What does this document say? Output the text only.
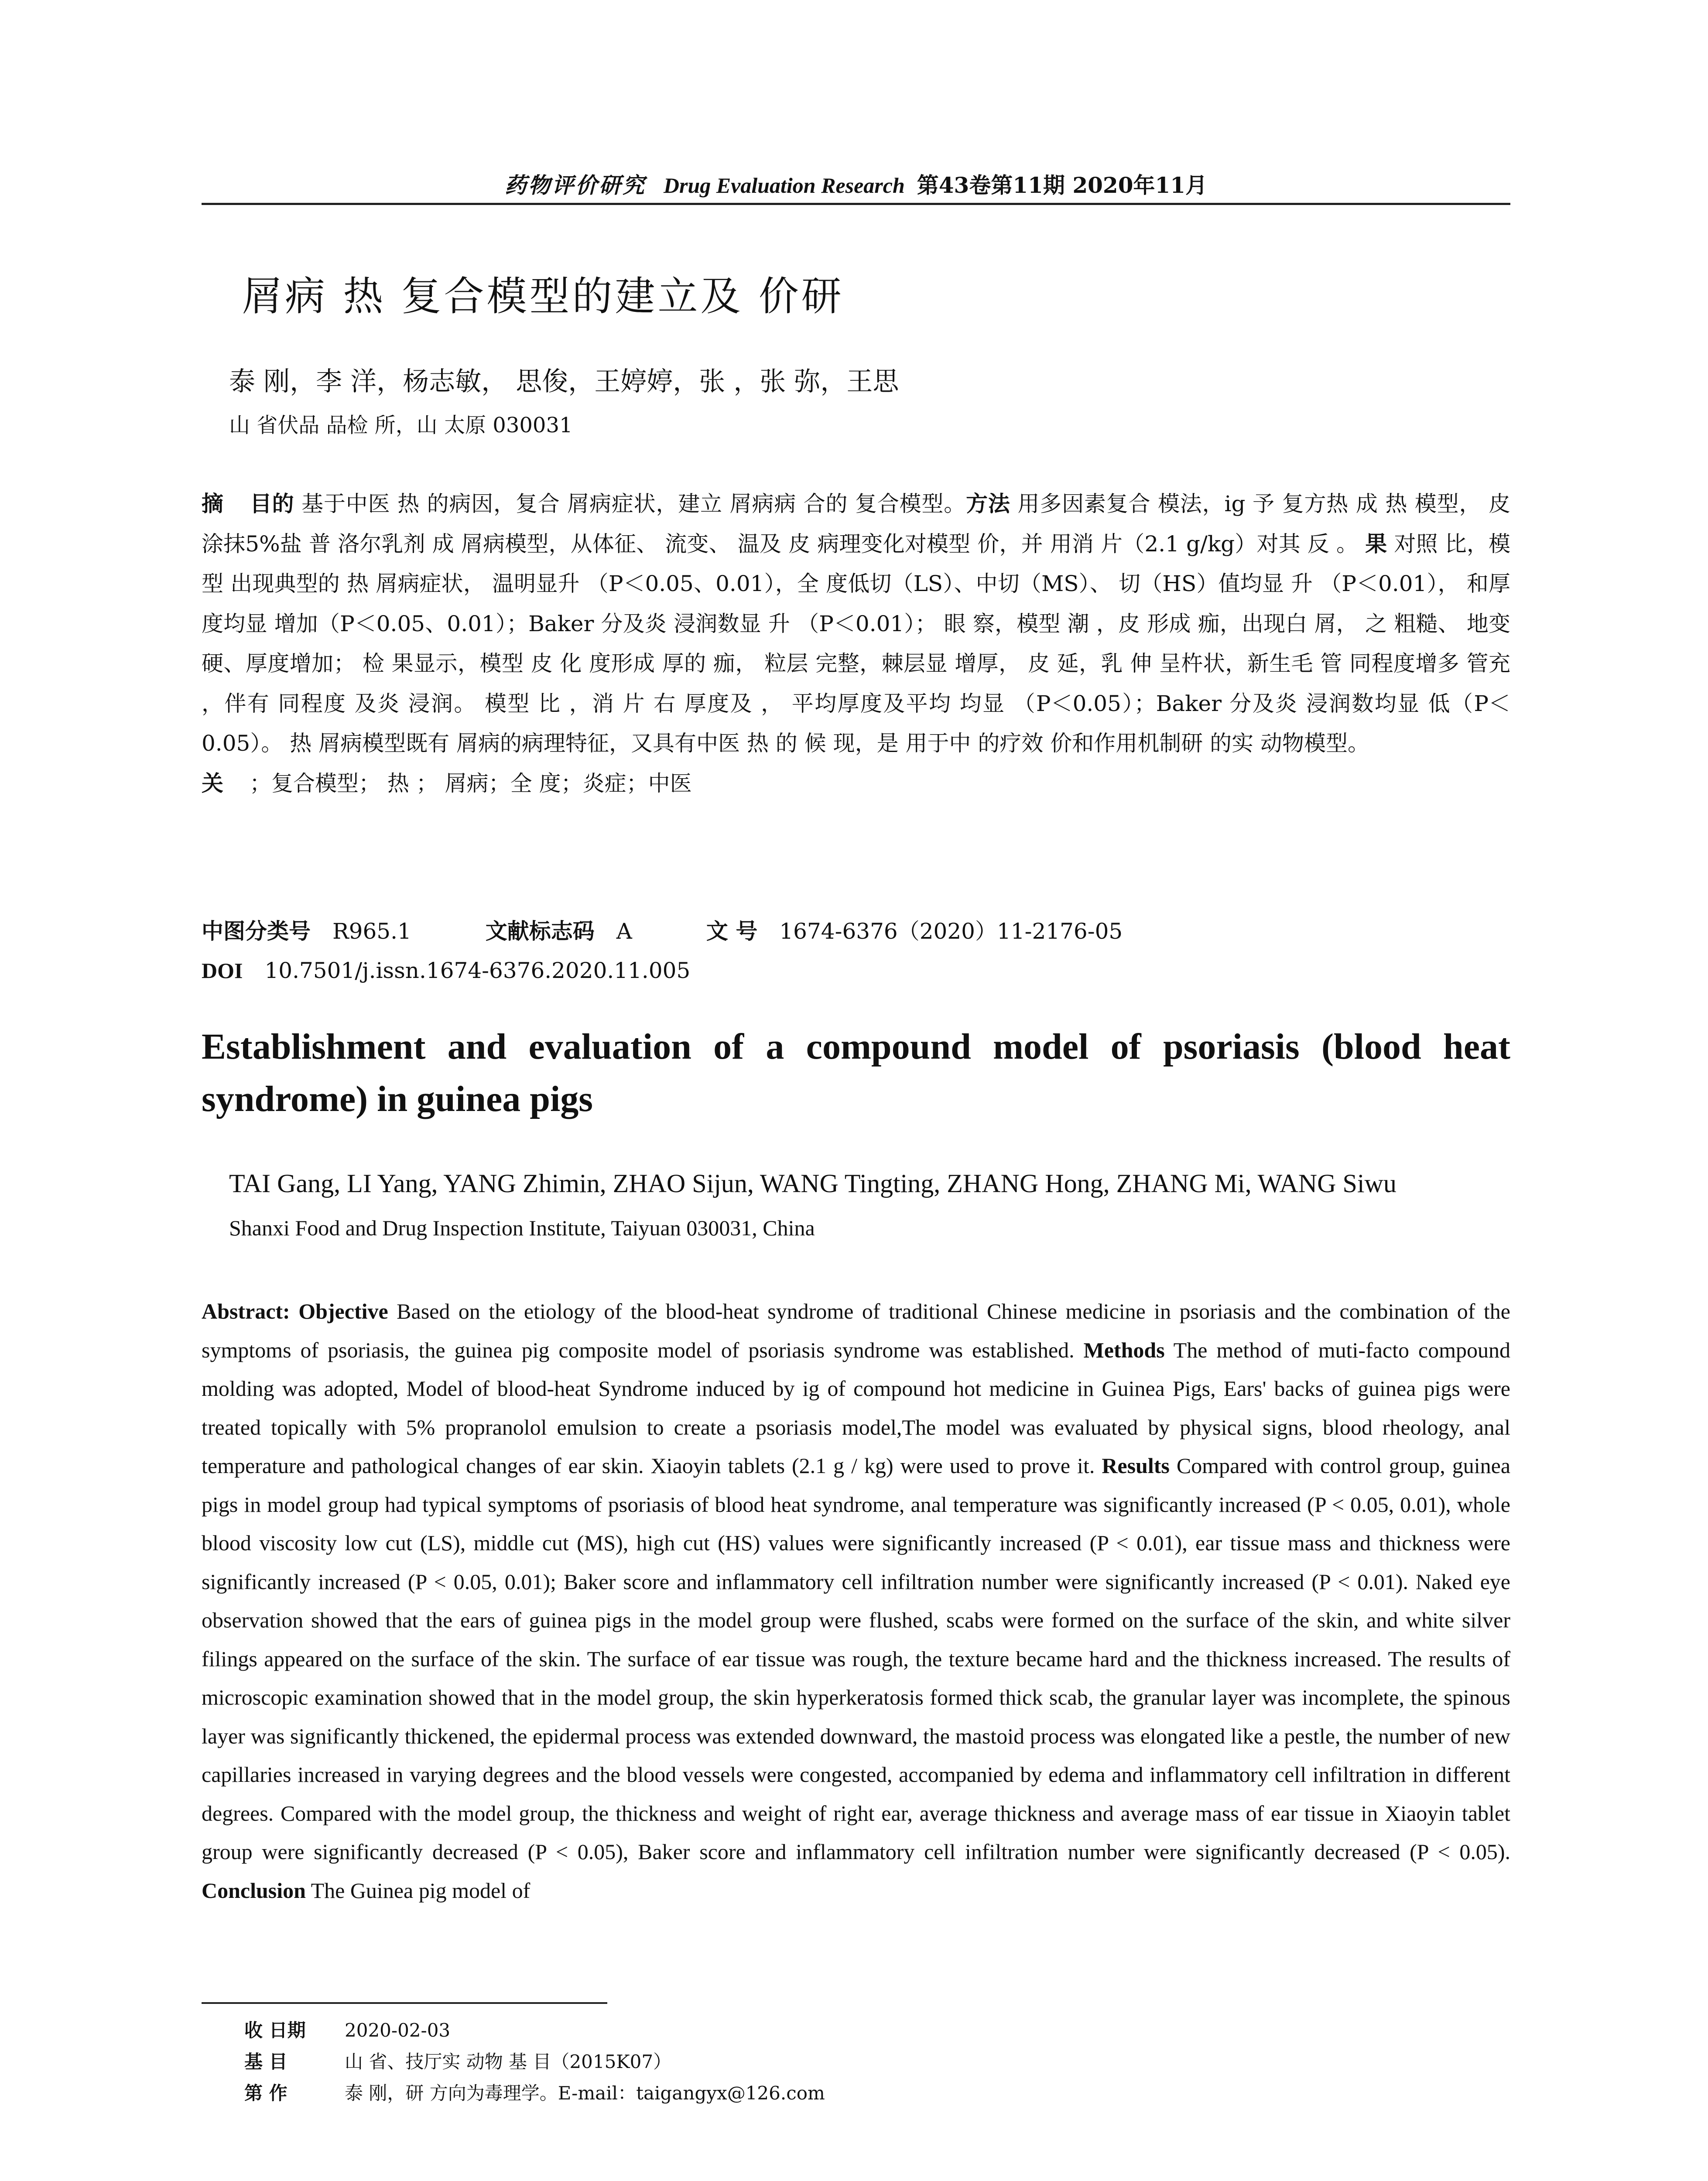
药物评价研究 Drug Evaluation Research 第43卷第11期 2020年11月
屑病 热 复合模型的建立及 价研
泰 刚，李 洋，杨志敏， 思俊，王婷婷，张 ，张 弥，王思
山 省伏品 品检 所，山 太原 030031
摘 目的 基于中医 热 的病因，复合 屑病症状，建立 屑病病 合的 复合模型。方法 用多因素复合 模法，ig 予 复方热 成 热 模型， 皮 涂抹5%盐 普 洛尔乳剂 成 屑病模型，从体征、 流变、 温及 皮 病理变化对模型 价，并 用消 片（2.1 g/kg）对其 反 。 果 对照 比，模型 出现典型的 热 屑病症状， 温明显升 （P＜0.05、0.01），全 度低切（LS）、中切（MS）、 切（HS）值均显 升 （P＜0.01）， 和厚度均显 增加（P＜0.05、0.01）；Baker 分及炎 浸润数显 升 （P＜0.01）； 眼 察，模型 潮 ，皮 形成 痂，出现白 屑， 之 粗糙、 地变硬、厚度增加； 检 果显示，模型 皮 化 度形成 厚的 痂， 粒层 完整，棘层显 增厚， 皮 延，乳 伸 呈杵状，新生毛 管 同程度增多 管充 ，伴有 同程度 及炎 浸润。 模型 比 ，消 片 右 厚度及 ， 平均厚度及平均 均显 （P＜0.05）；Baker 分及炎 浸润数均显 低（P＜0.05）。 热 屑病模型既有 屑病的病理特征，又具有中医 热 的 候 现，是 用于中 的疗效 价和作用机制研 的实 动物模型。
关 ；复合模型； 热 ； 屑病；全 度；炎症；中医
中图分类号 R965.1	文献标志码 A	文 号 1674-6376（2020）11-2176-05
DOI 10.7501/j.issn.1674-6376.2020.11.005
Establishment and evaluation of a compound model of psoriasis (blood heat syndrome) in guinea pigs
TAI Gang, LI Yang, YANG Zhimin, ZHAO Sijun, WANG Tingting, ZHANG Hong, ZHANG Mi, WANG Siwu
Shanxi Food and Drug Inspection Institute, Taiyuan 030031, China
Abstract: Objective Based on the etiology of the blood-heat syndrome of traditional Chinese medicine in psoriasis and the combination of the symptoms of psoriasis, the guinea pig composite model of psoriasis syndrome was established. Methods The method of muti-facto compound molding was adopted, Model of blood-heat Syndrome induced by ig of compound hot medicine in Guinea Pigs, Ears' backs of guinea pigs were treated topically with 5% propranolol emulsion to create a psoriasis model,The model was evaluated by physical signs, blood rheology, anal temperature and pathological changes of ear skin. Xiaoyin tablets (2.1 g / kg) were used to prove it. Results Compared with control group, guinea pigs in model group had typical symptoms of psoriasis of blood heat syndrome, anal temperature was significantly increased (P < 0.05, 0.01), whole blood viscosity low cut (LS), middle cut (MS), high cut (HS) values were significantly increased (P < 0.01), ear tissue mass and thickness were significantly increased (P < 0.05, 0.01); Baker score and inflammatory cell infiltration number were significantly increased (P < 0.01). Naked eye observation showed that the ears of guinea pigs in the model group were flushed, scabs were formed on the surface of the skin, and white silver filings appeared on the surface of the skin. The surface of ear tissue was rough, the texture became hard and the thickness increased. The results of microscopic examination showed that in the model group, the skin hyperkeratosis formed thick scab, the granular layer was incomplete, the spinous layer was significantly thickened, the epidermal process was extended downward, the mastoid process was elongated like a pestle, the number of new capillaries increased in varying degrees and the blood vessels were congested, accompanied by edema and inflammatory cell infiltration in different degrees. Compared with the model group, the thickness and weight of right ear, average thickness and average mass of ear tissue in Xiaoyin tablet group were significantly decreased (P < 0.05), Baker score and inflammatory cell infiltration number were significantly decreased (P < 0.05). Conclusion The Guinea pig model of
收 日期 2020-02-03
基 目	山 省、技厅实 动物 基 目（2015K07）
第 作	泰 刚，研 方向为毒理学。E-mail：taigangyx@126.com
